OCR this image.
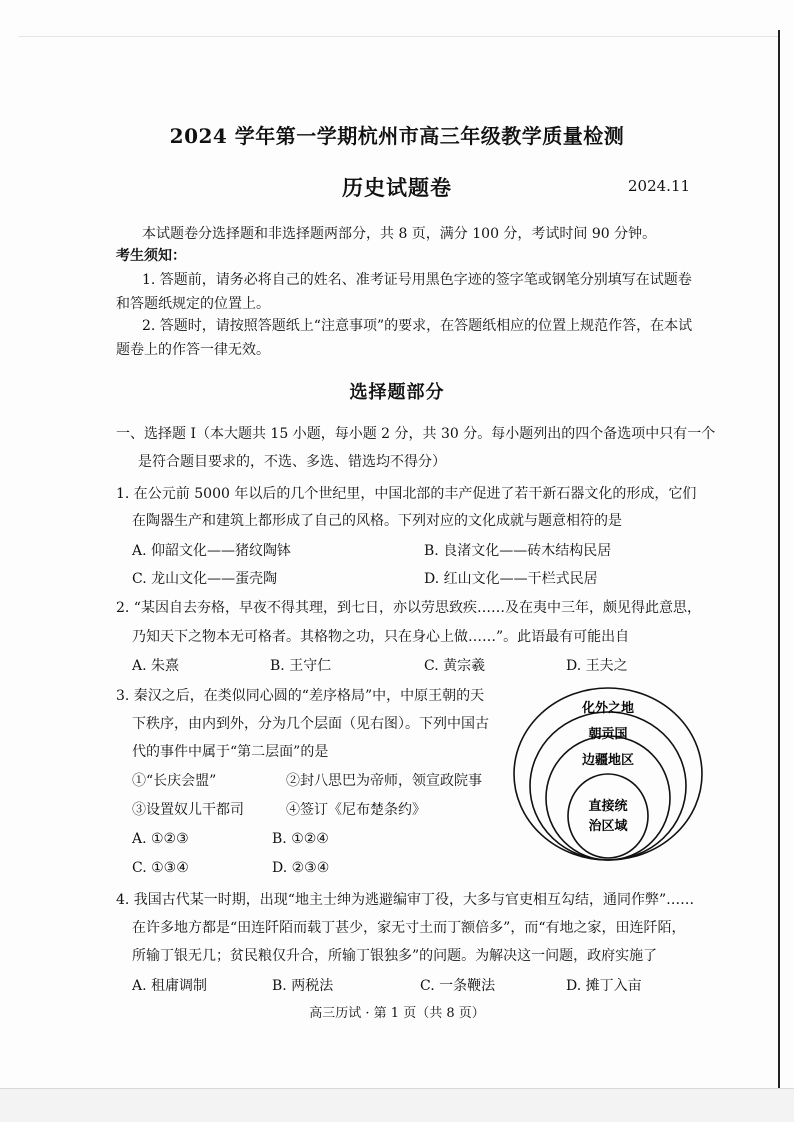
2024 学年第一学期杭州市高三年级教学质量检测
历史试题卷	2024.11
本试题卷分选择题和非选择题两部分，共 8 页，满分 100 分，考试时间 90 分钟。
考生须知：
1. 答题前，请务必将自己的姓名、准考证号用黑色字迹的签字笔或钢笔分别填写在试题卷
和答题纸规定的位置上。
2. 答题时，请按照答题纸上“注意事项”的要求，在答题纸相应的位置上规范作答，在本试
题卷上的作答一律无效。
选择题部分
一、选择题 Ⅰ（本大题共 15 小题，每小题 2 分，共 30 分。每小题列出的四个备选项中只有一个
是符合题目要求的，不选、多选、错选均不得分）
1. 在公元前 5000 年以后的几个世纪里，中国北部的丰产促进了若干新石器文化的形成，它们
在陶器生产和建筑上都形成了自己的风格。下列对应的文化成就与题意相符的是
A. 仰韶文化——猪纹陶钵	B. 良渚文化——砖木结构民居
C. 龙山文化——蛋壳陶	D. 红山文化——干栏式民居
2. “某因自去夯格，早夜不得其理，到七日，亦以劳思致疾……及在夷中三年，颇见得此意思，
乃知天下之物本无可格者。其格物之功，只在身心上做……”。此语最有可能出自
A. 朱熹	B. 王守仁	C. 黄宗羲	D. 王夫之
3. 秦汉之后，在类似同心圆的“差序格局”中，中原王朝的天
下秩序，由内到外，分为几个层面（见右图）。下列中国古
代的事件中属于“第二层面”的是
①“长庆会盟”	②封八思巴为帝师，领宣政院事
③设置奴儿干都司	④签订《尼布楚条约》
A. ①②③	B. ①②④
C. ①③④	D. ②③④
化外之地
朝贡国
边疆地区
直接统
治区域
4. 我国古代某一时期，出现“地主士绅为逃避编审丁役，大多与官吏相互勾结，通同作弊”……
在许多地方都是“田连阡陌而载丁甚少，家无寸土而丁额倍多”，而“有地之家，田连阡陌，
所输丁银无几；贫民粮仅升合，所输丁银独多”的问题。为解决这一问题，政府实施了
A. 租庸调制	B. 两税法	C. 一条鞭法	D. 摊丁入亩
高三历试 · 第 1 页（共 8 页）
